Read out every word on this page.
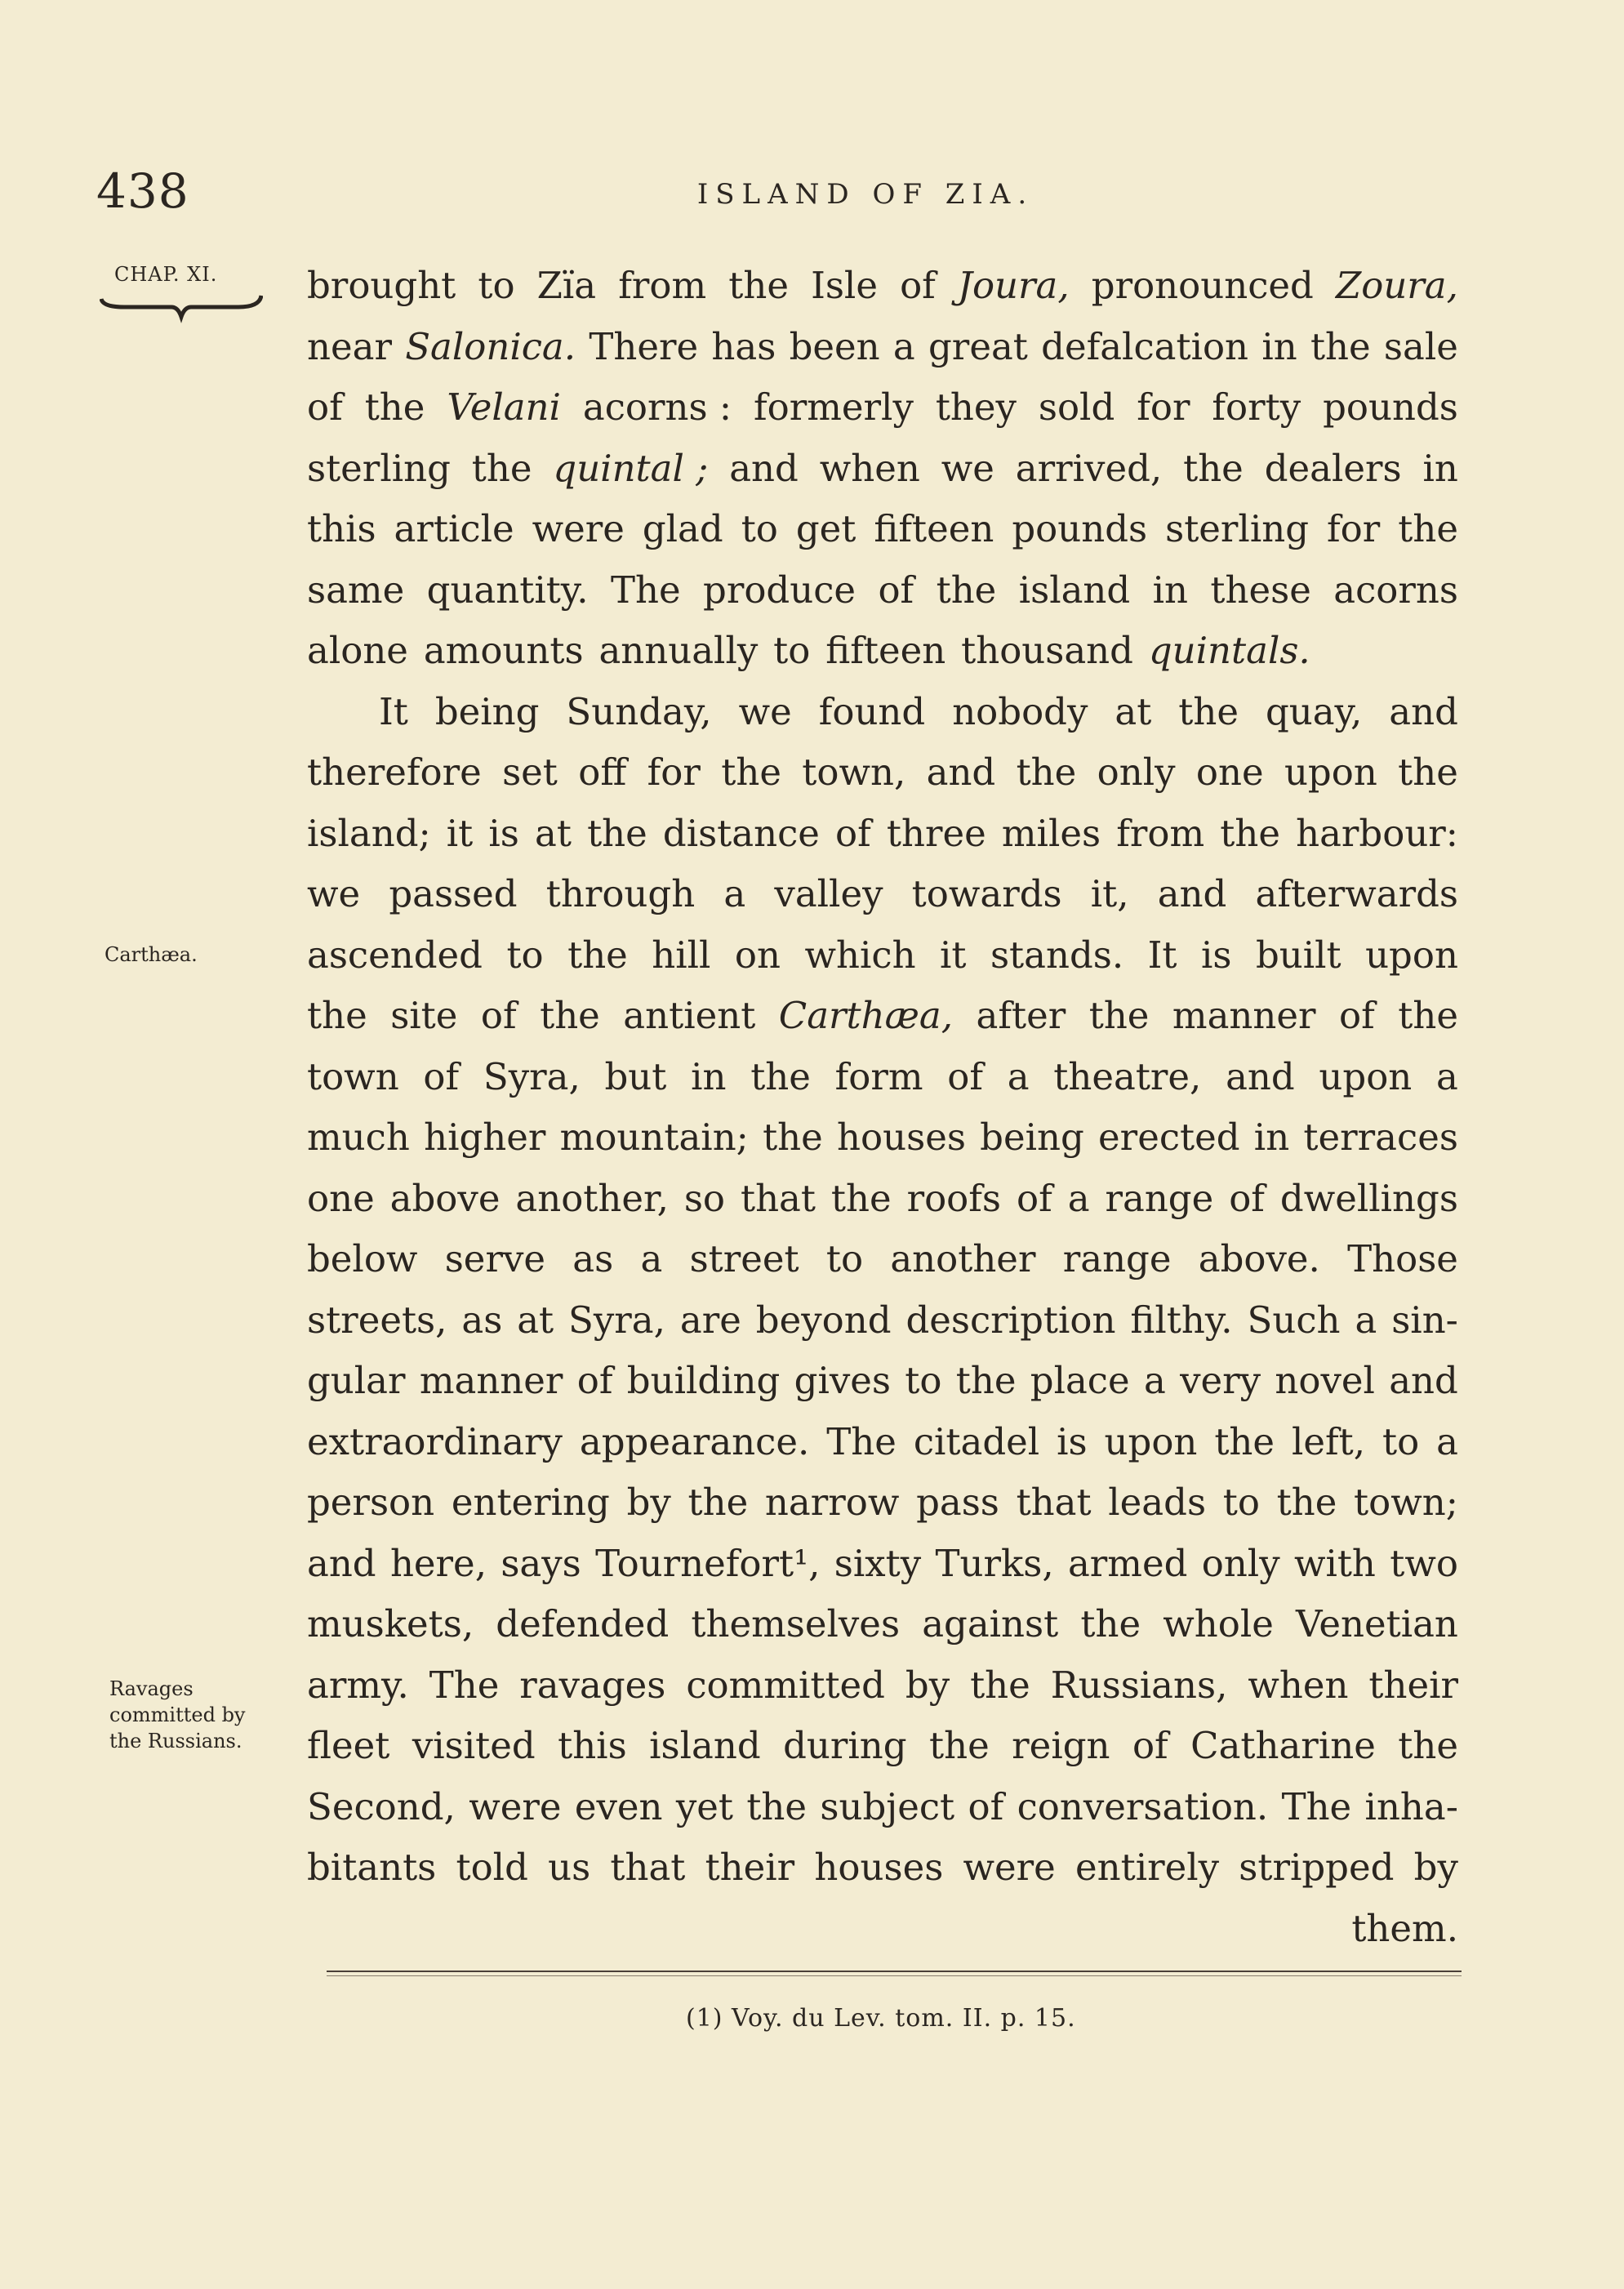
438	ISLAND OF ZIA.
CHAP. XI.
Carthæa.
Ravages
committed by
the Russians.
brought to Zïa from the Isle of Joura, pronounced Zoura,
near Salonica. There has been a great defalcation in the sale
of the Velani acorns : formerly they sold for forty pounds
sterling the quintal ; and when we arrived, the dealers in
this article were glad to get fifteen pounds sterling for the
same quantity. The produce of the island in these acorns
alone amounts annually to fifteen thousand quintals.
It being Sunday, we found nobody at the quay, and
therefore set off for the town, and the only one upon the
island; it is at the distance of three miles from the harbour:
we passed through a valley towards it, and afterwards
ascended to the hill on which it stands. It is built upon
the site of the antient Carthæa, after the manner of the
town of Syra, but in the form of a theatre, and upon a
much higher mountain; the houses being erected in terraces
one above another, so that the roofs of a range of dwellings
below serve as a street to another range above. Those
streets, as at Syra, are beyond description filthy. Such a sin-
gular manner of building gives to the place a very novel and
extraordinary appearance. The citadel is upon the left, to a
person entering by the narrow pass that leads to the town;
and here, says Tournefort¹, sixty Turks, armed only with two
muskets, defended themselves against the whole Venetian
army. The ravages committed by the Russians, when their
fleet visited this island during the reign of Catharine the
Second, were even yet the subject of conversation. The inha-
bitants told us that their houses were entirely stripped by
them.
(1) Voy. du Lev. tom. II. p. 15.
